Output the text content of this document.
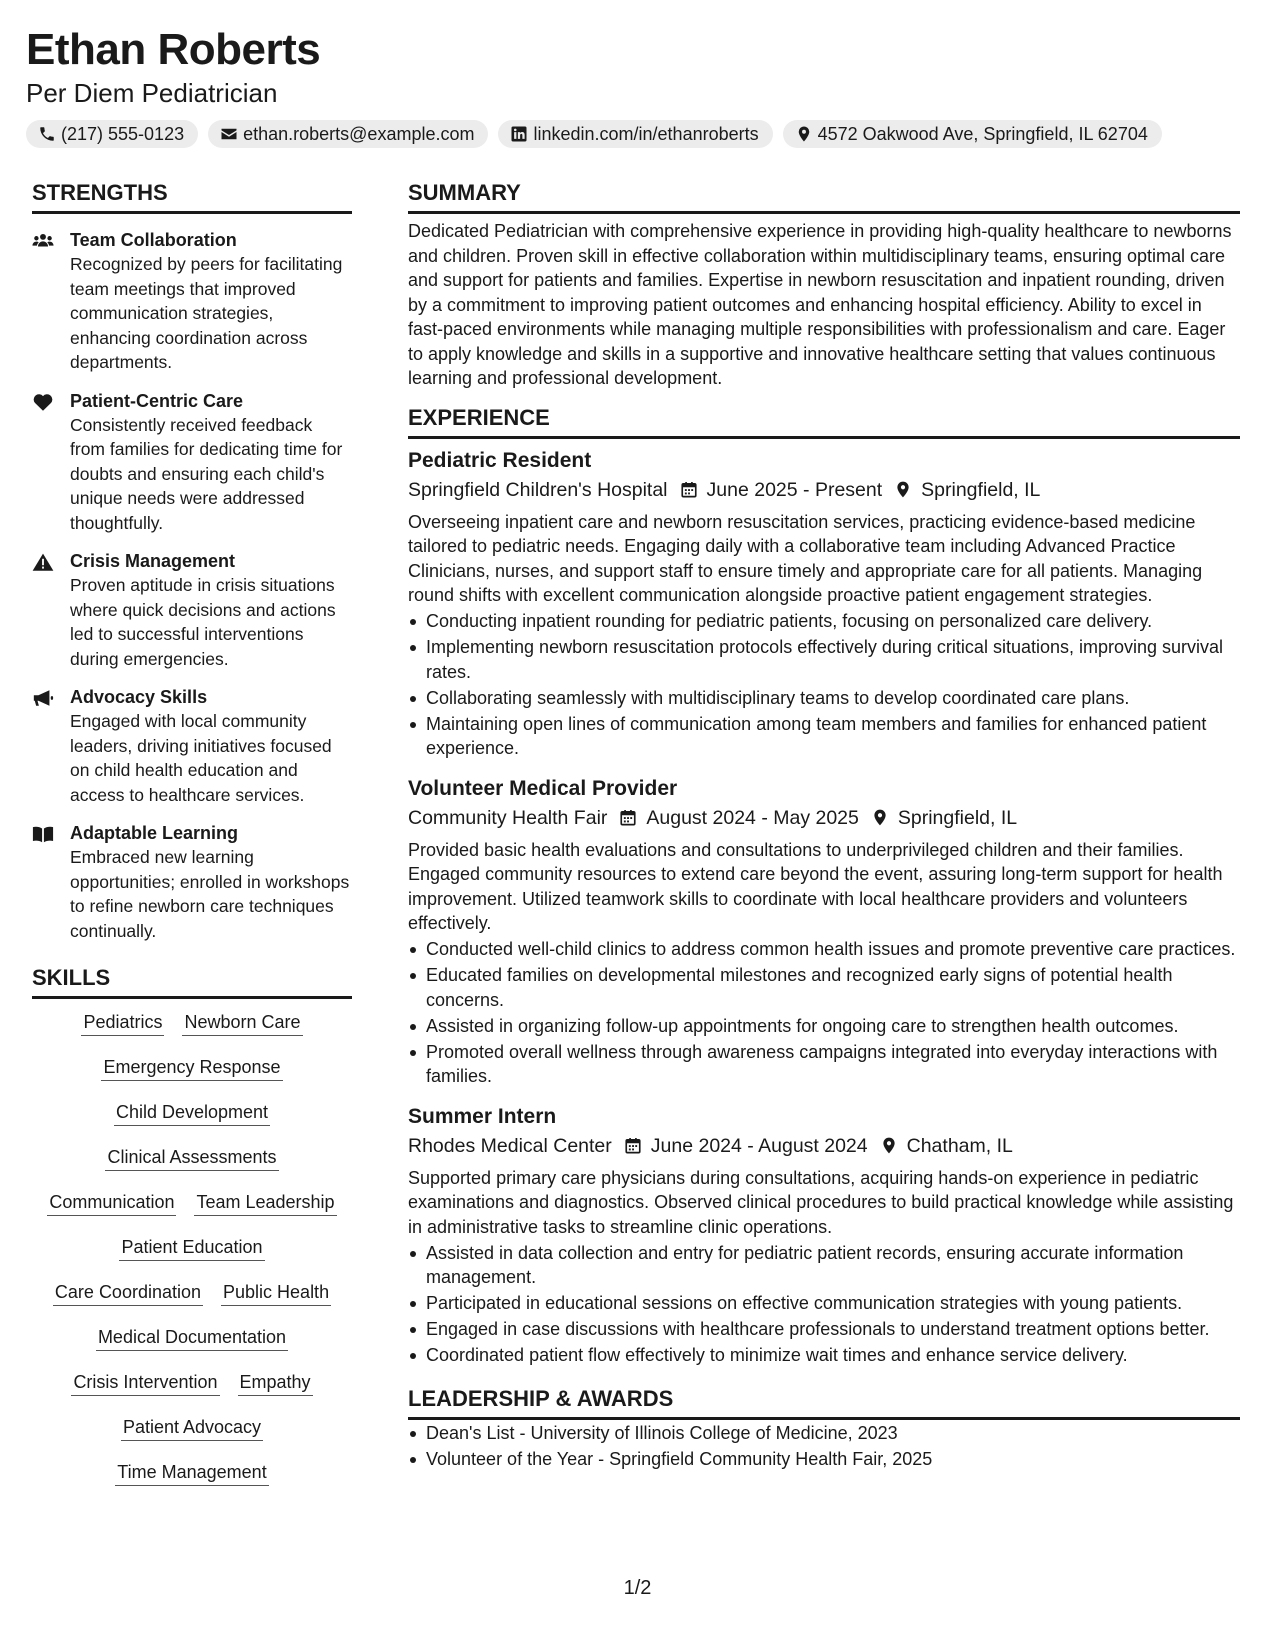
Ethan Roberts
Per Diem Pediatrician
(217) 555-0123	ethan.roberts@example.com	linkedin.com/in/ethanroberts	4572 Oakwood Ave, Springfield, IL 62704
STRENGTHS
Team Collaboration
Recognized by peers for facilitating team meetings that improved communication strategies, enhancing coordination across departments.
Patient-Centric Care
Consistently received feedback from families for dedicating time for doubts and ensuring each child's unique needs were addressed thoughtfully.
Crisis Management
Proven aptitude in crisis situations where quick decisions and actions led to successful interventions during emergencies.
Advocacy Skills
Engaged with local community leaders, driving initiatives focused on child health education and access to healthcare services.
Adaptable Learning
Embraced new learning opportunities; enrolled in workshops to refine newborn care techniques continually.
SKILLS
Pediatrics Newborn Care
Emergency Response
Child Development
Clinical Assessments
Communication Team Leadership
Patient Education
Care Coordination Public Health
Medical Documentation
Crisis Intervention Empathy
Patient Advocacy
Time Management
SUMMARY
Dedicated Pediatrician with comprehensive experience in providing high-quality healthcare to newborns and children. Proven skill in effective collaboration within multidisciplinary teams, ensuring optimal care and support for patients and families. Expertise in newborn resuscitation and inpatient rounding, driven by a commitment to improving patient outcomes and enhancing hospital efficiency. Ability to excel in fast-paced environments while managing multiple responsibilities with professionalism and care. Eager to apply knowledge and skills in a supportive and innovative healthcare setting that values continuous learning and professional development.
EXPERIENCE
Pediatric Resident
Springfield Children's Hospital June 2025 - Present Springfield, IL
Overseeing inpatient care and newborn resuscitation services, practicing evidence-based medicine tailored to pediatric needs. Engaging daily with a collaborative team including Advanced Practice Clinicians, nurses, and support staff to ensure timely and appropriate care for all patients. Managing round shifts with excellent communication alongside proactive patient engagement strategies.
Conducting inpatient rounding for pediatric patients, focusing on personalized care delivery.
Implementing newborn resuscitation protocols effectively during critical situations, improving survival rates.
Collaborating seamlessly with multidisciplinary teams to develop coordinated care plans.
Maintaining open lines of communication among team members and families for enhanced patient experience.
Volunteer Medical Provider
Community Health Fair August 2024 - May 2025 Springfield, IL
Provided basic health evaluations and consultations to underprivileged children and their families. Engaged community resources to extend care beyond the event, assuring long-term support for health improvement. Utilized teamwork skills to coordinate with local healthcare providers and volunteers effectively.
Conducted well-child clinics to address common health issues and promote preventive care practices.
Educated families on developmental milestones and recognized early signs of potential health concerns.
Assisted in organizing follow-up appointments for ongoing care to strengthen health outcomes.
Promoted overall wellness through awareness campaigns integrated into everyday interactions with families.
Summer Intern
Rhodes Medical Center June 2024 - August 2024 Chatham, IL
Supported primary care physicians during consultations, acquiring hands-on experience in pediatric examinations and diagnostics. Observed clinical procedures to build practical knowledge while assisting in administrative tasks to streamline clinic operations.
Assisted in data collection and entry for pediatric patient records, ensuring accurate information management.
Participated in educational sessions on effective communication strategies with young patients.
Engaged in case discussions with healthcare professionals to understand treatment options better.
Coordinated patient flow effectively to minimize wait times and enhance service delivery.
LEADERSHIP & AWARDS
Dean's List - University of Illinois College of Medicine, 2023
Volunteer of the Year - Springfield Community Health Fair, 2025
1/2
